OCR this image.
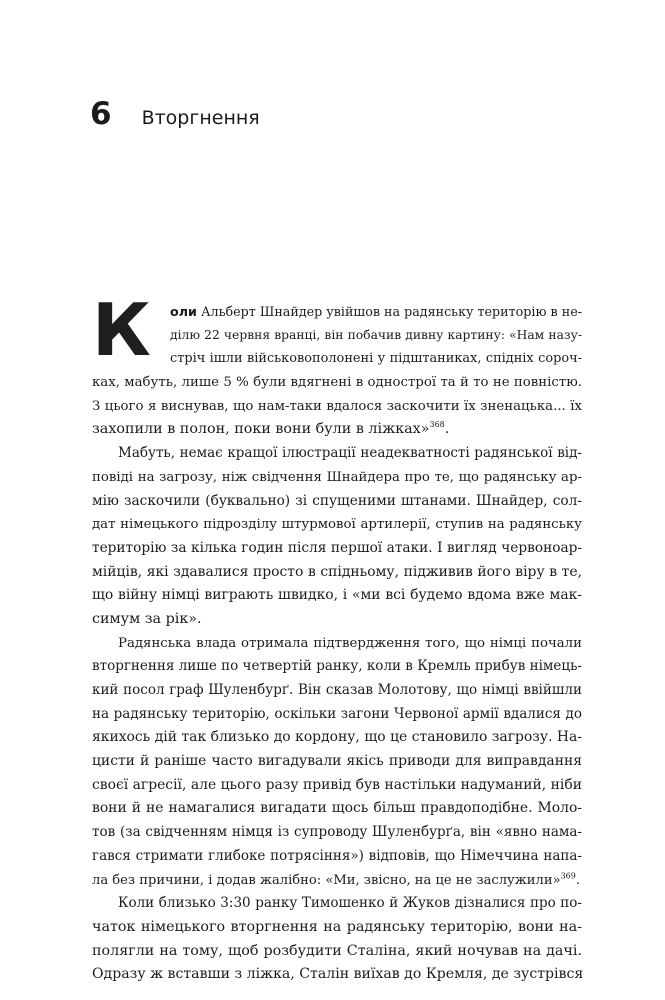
6 Вторгнення
К	оли Альберт Шнайдер увійшов на радянську територію в не-
ділю 22 червня вранці, він побачив дивну картину: «Нам назу-
стріч ішли військовополонені у підштаниках, спідніх сороч-
ках, мабуть, лише 5 % були вдягнені в однострої та й то не повністю.
З цього я виснував, що нам-таки вдалося заскочити їх зненацька... їх
захопили в полон, поки вони були в ліжках»$^{368}$.
Мабуть, немає кращої ілюстрації неадекватності радянської від-
повіді на загрозу, ніж свідчення Шнайдера про те, що радянську ар-
мію заскочили (буквально) зі спущеними штанами. Шнайдер, сол-
дат німецького підрозділу штурмової артилерії, ступив на радянську
територію за кілька годин після першої атаки. І вигляд червоноар-
мійців, які здавалися просто в спідньому, підживив його віру в те,
що війну німці виграють швидко, і «ми всі будемо вдома вже мак-
симум за рік».
Радянська влада отримала підтвердження того, що німці почали
вторгнення лише по четвертій ранку, коли в Кремль прибув німець-
кий посол граф Шуленбурґ. Він сказав Молотову, що німці ввійшли
на радянську територію, оскільки загони Червоної армії вдалися до
якихось дій так близько до кордону, що це становило загрозу. На-
цисти й раніше часто вигадували якісь приводи для виправдання
своєї агресії, але цього разу привід був настільки надуманий, ніби
вони й не намагалися вигадати щось більш правдоподібне. Моло-
тов (за свідченням німця із супроводу Шуленбурґа, він «явно нама-
гався стримати глибоке потрясіння») відповів, що Німеччина напа-
ла без причини, і додав жалібно: «Ми, звісно, на це не заслужили»$^{369}$.
Коли близько 3:30 ранку Тимошенко й Жуков дізналися про по-
чаток німецького вторгнення на радянську територію, вони на-
полягли на тому, щоб розбудити Сталіна, який ночував на дачі.
Одразу ж вставши з ліжка, Сталін виїхав до Кремля, де зустрівся
